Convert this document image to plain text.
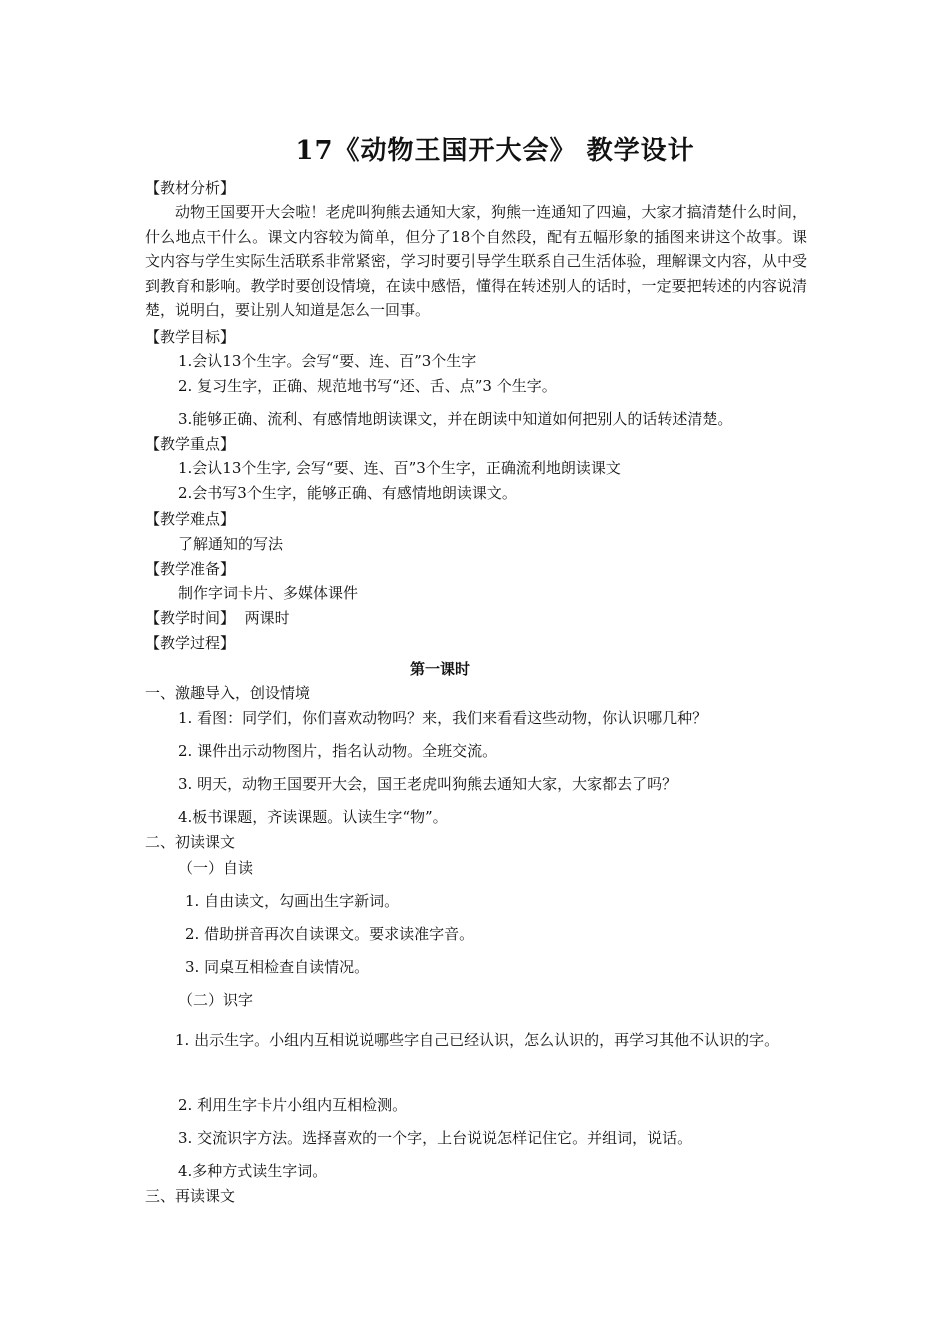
17《动物王国开大会》 教学设计
【教材分析】
动物王国要开大会啦！老虎叫狗熊去通知大家，狗熊一连通知了四遍，大家才搞清楚什么时间，什么地点干什么。课文内容较为简单，但分了18个自然段，配有五幅形象的插图来讲这个故事。课文内容与学生实际生活联系非常紧密，学习时要引导学生联系自己生活体验，理解课文内容，从中受到教育和影响。教学时要创设情境，在读中感悟，懂得在转述别人的话时，一定要把转述的内容说清楚，说明白，要让别人知道是怎么一回事。
【教学目标】
1.会认13个生字。会写“要、连、百”3个生字
2. 复习生字，正确、规范地书写“还、舌、点”3 个生字。
3.能够正确、流利、有感情地朗读课文，并在朗读中知道如何把别人的话转述清楚。
【教学重点】
1.会认13个生字, 会写“要、连、百”3个生字，正确流利地朗读课文
2.会书写3个生字，能够正确、有感情地朗读课文。
【教学难点】
了解通知的写法
【教学准备】
制作字词卡片、多媒体课件
【教学时间】 两课时
【教学过程】
第一课时
一、激趣导入，创设情境
1. 看图：同学们，你们喜欢动物吗？来，我们来看看这些动物，你认识哪几种？
2. 课件出示动物图片，指名认动物。全班交流。
3. 明天，动物王国要开大会，国王老虎叫狗熊去通知大家，大家都去了吗？
4.板书课题，齐读课题。认读生字“物”。
二、初读课文
（一）自读
1. 自由读文，勾画出生字新词。
2. 借助拼音再次自读课文。要求读准字音。
3. 同桌互相检查自读情况。
（二）识字
1. 出示生字。小组内互相说说哪些字自己已经认识，怎么认识的，再学习其他不认识的字。
2. 利用生字卡片小组内互相检测。
3. 交流识字方法。选择喜欢的一个字，上台说说怎样记住它。并组词，说话。
4.多种方式读生字词。
三、再读课文
